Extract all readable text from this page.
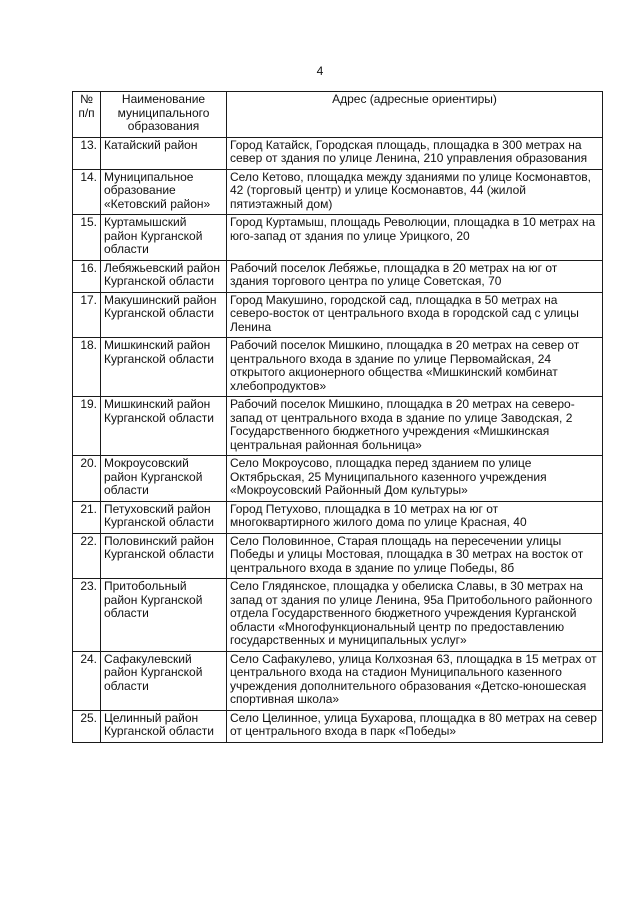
4
№ п/п	Наименование муниципального образования	Адрес (адресные ориентиры)
13.	Катайский район	Город Катайск, Городская площадь, площадка в 300 метрах на север от здания по улице Ленина, 210 управления образования
14.	Муниципальное образование «Кетовский район»	Село Кетово, площадка между зданиями по улице Космонавтов, 42 (торговый центр) и улице Космонавтов, 44 (жилой пятиэтажный дом)
15.	Куртамышский район Курганской области	Город Куртамыш, площадь Революции, площадка в 10 метрах на юго-запад от здания по улице Урицкого, 20
16.	Лебяжьевский район Курганской области	Рабочий поселок Лебяжье, площадка в 20 метрах на юг от здания торгового центра по улице Советская, 70
17.	Макушинский район Курганской области	Город Макушино, городской сад, площадка в 50 метрах на северо-восток от центрального входа в городской сад с улицы Ленина
18.	Мишкинский район Курганской области	Рабочий поселок Мишкино, площадка в 20 метрах на север от центрального входа в здание по улице Первомайская, 24 открытого акционерного общества «Мишкинский комбинат хлебопродуктов»
19.	Мишкинский район Курганской области	Рабочий поселок Мишкино, площадка в 20 метрах на северо-запад от центрального входа в здание по улице Заводская, 2 Государственного бюджетного учреждения «Мишкинская центральная районная больница»
20.	Мокроусовский район Курганской области	Село Мокроусово, площадка перед зданием по улице Октябрьская, 25 Муниципального казенного учреждения «Мокроусовский Районный Дом культуры»
21.	Петуховский район Курганской области	Город Петухово, площадка в 10 метрах на юг от многоквартирного жилого дома по улице Красная, 40
22.	Половинский район Курганской области	Село Половинное, Старая площадь на пересечении улицы Победы и улицы Мостовая, площадка в 30 метрах на восток от центрального входа в здание по улице Победы, 8б
23.	Притобольный район Курганской области	Село Глядянское, площадка у обелиска Славы, в 30 метрах на запад от здания по улице Ленина, 95а Притобольного районного отдела Государственного бюджетного учреждения Курганской области «Многофункциональный центр по предоставлению государственных и муниципальных услуг»
24.	Сафакулевский район Курганской области	Село Сафакулево, улица Колхозная 63, площадка в 15 метрах от центрального входа на стадион Муниципального казенного учреждения дополнительного образования «Детско-юношеская спортивная школа»
25.	Целинный район Курганской области	Село Целинное, улица Бухарова, площадка в 80 метрах на север от центрального входа в парк «Победы»
